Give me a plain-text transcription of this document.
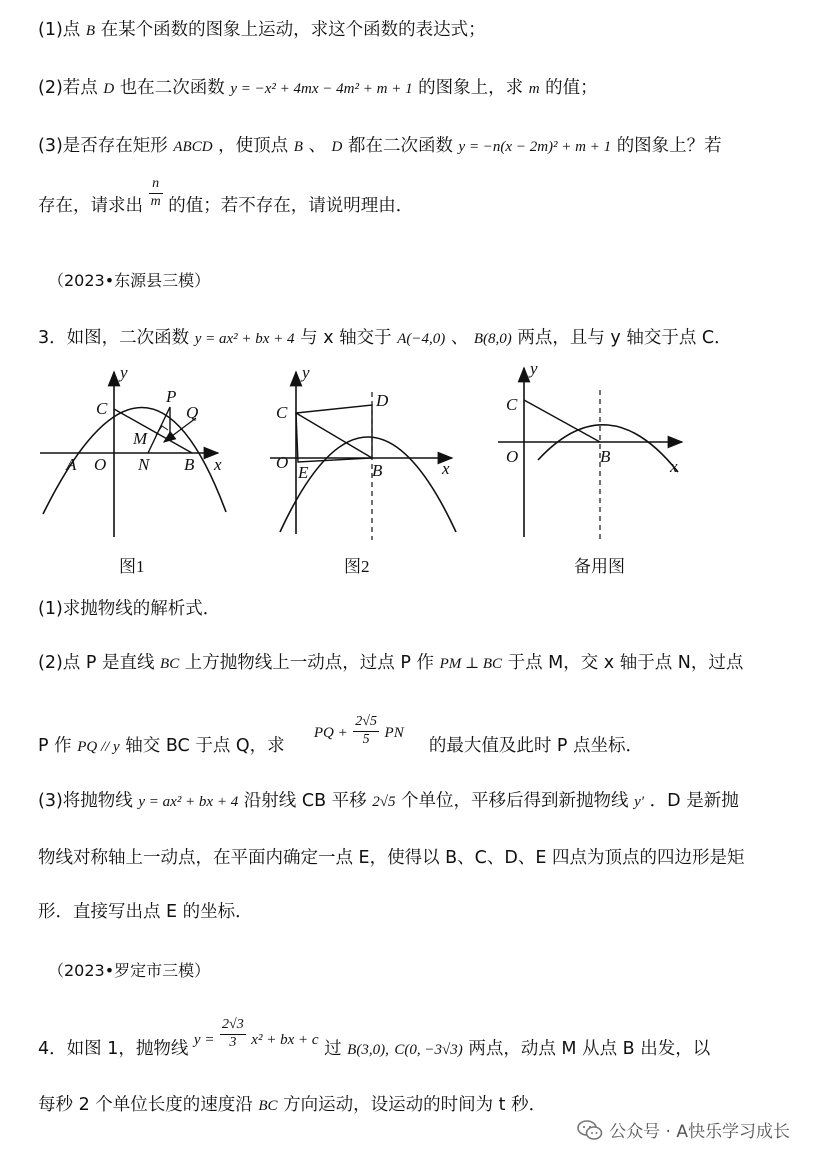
(1)点 B 在某个函数的图象上运动，求这个函数的表达式；
(2)若点 D 也在二次函数 y = −x² + 4mx − 4m² + m + 1 的图象上，求 m 的值；
(3)是否存在矩形 ABCD ，使顶点 B 、 D 都在二次函数 y = −n(x − 2m)² + m + 1 的图象上？若
存在，请求出 $\frac{n}{m}$ 的值；若不存在，请说明理由．
（2023•东源县三模）
3．如图，二次函数 y = ax² + bx + 4 与 x 轴交于 A(−4,0) 、 B(8,0) 两点，且与 y 轴交于点 C．
y
C
P
Q
M
A O N B x
图1
y
C
D
O
E	B	x
图2
y
C
O	B
x
备用图
(1)求抛物线的解析式．
(2)点 P 是直线 BC 上方抛物线上一动点，过点 P 作 PM ⊥ BC 于点 M，交 x 轴于点 N，过点
P 作 PQ // y 轴交 BC 于点 Q，求  PQ + $\frac{2√5}{5}$ PN  的最大值及此时 P 点坐标．
(3)将抛物线 y = ax² + bx + 4 沿射线 CB 平移 2√5 个单位，平移后得到新抛物线 y′ ．D 是新抛
物线对称轴上一动点，在平面内确定一点 E，使得以 B、C、D、E 四点为顶点的四边形是矩
形．直接写出点 E 的坐标．
（2023•罗定市三模）
4．如图 1，抛物线 $y = \frac{2√3}{3} x^2$ + bx + c 过 B(3,0), C(0, −3√3) 两点，动点 M 从点 B 出发，以
每秒 2 个单位长度的速度沿 BC 方向运动，设运动的时间为 t 秒．
公众号 · A快乐学习成长
